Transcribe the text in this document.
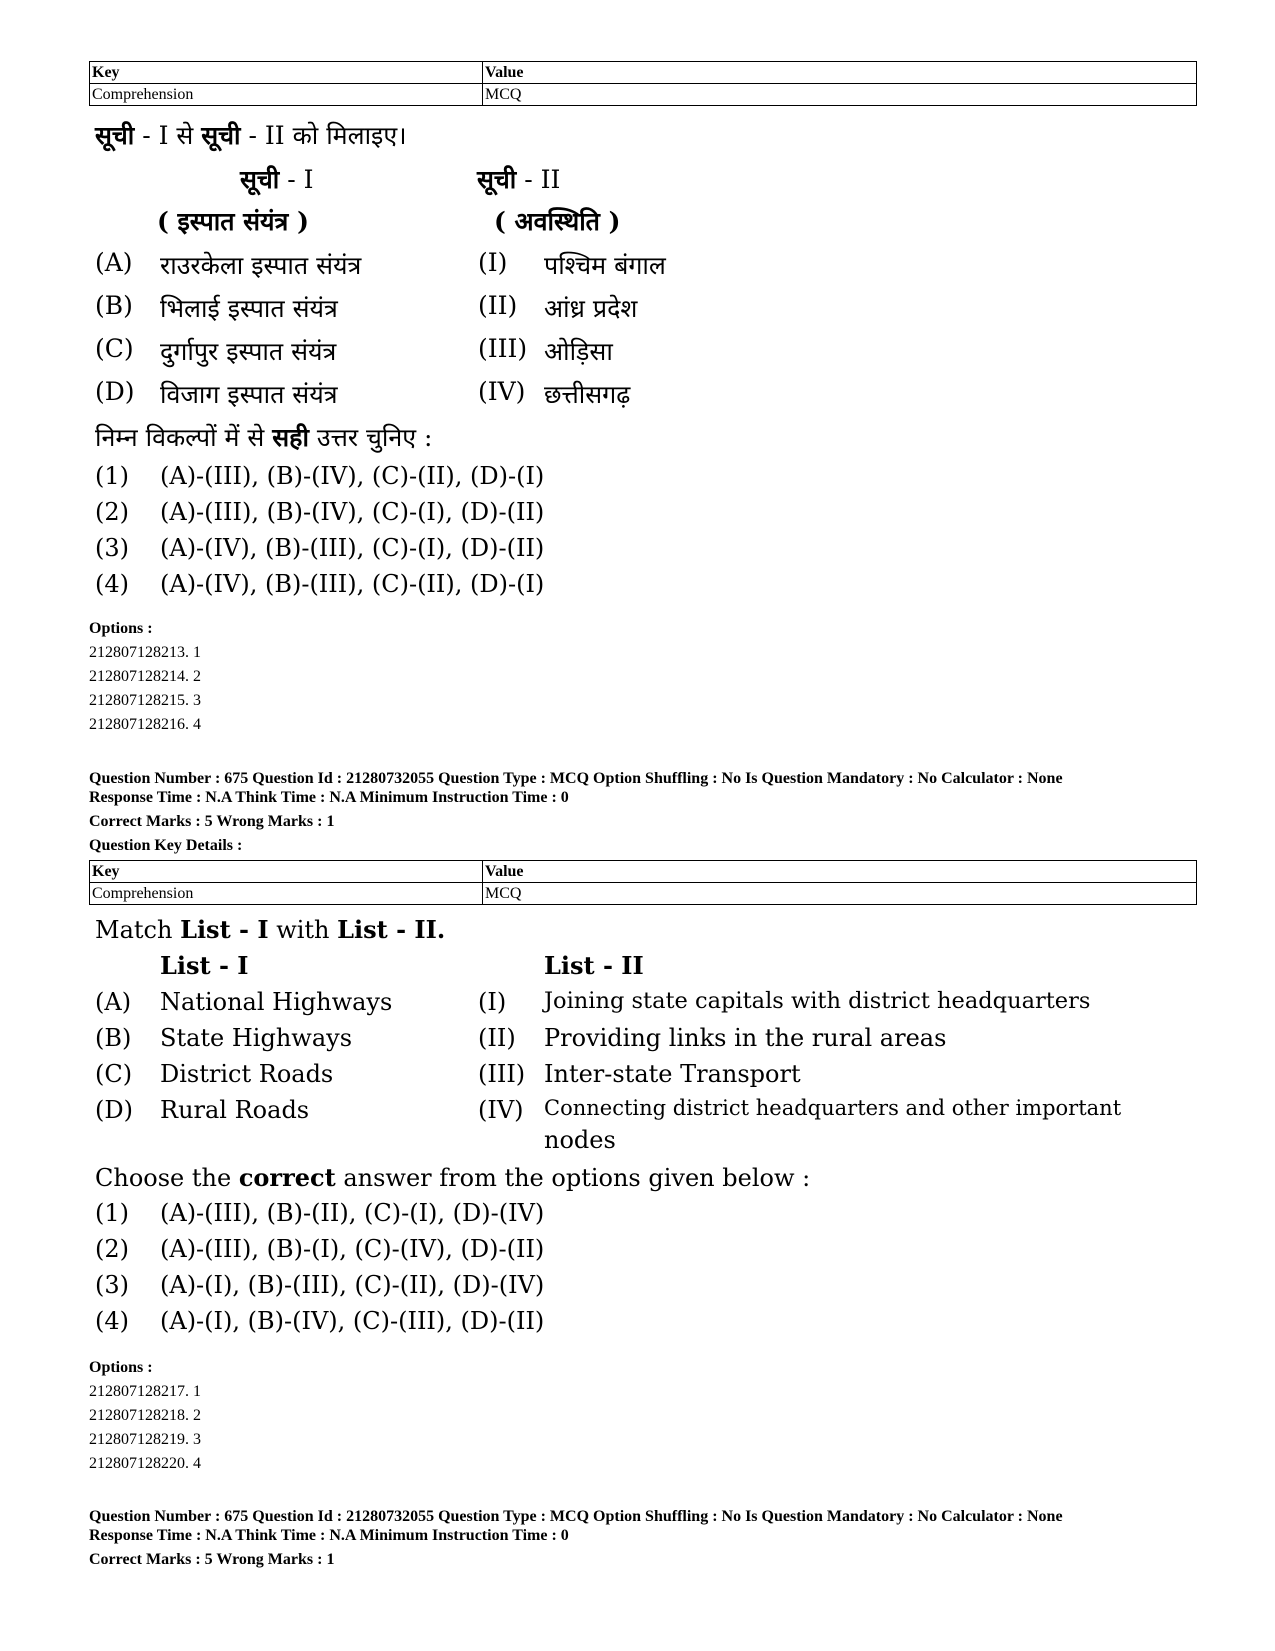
Key	Value
Comprehension	MCQ
सूची - I से सूची - II को मिलाइए।
सूची - I	सूची - II
( इस्पात संयंत्र )	( अवस्थिति )
(A) राउरकेला इस्पात संयंत्र	(I) पश्चिम बंगाल
(B) भिलाई इस्पात संयंत्र	(II) आंध्र प्रदेश
(C) दुर्गापुर इस्पात संयंत्र	(III) ओड़िसा
(D) विजाग इस्पात संयंत्र	(IV) छत्तीसगढ़
निम्न विकल्पों में से सही उत्तर चुनिए :
(1) (A)-(III), (B)-(IV), (C)-(II), (D)-(I)
(2) (A)-(III), (B)-(IV), (C)-(I), (D)-(II)
(3) (A)-(IV), (B)-(III), (C)-(I), (D)-(II)
(4) (A)-(IV), (B)-(III), (C)-(II), (D)-(I)
Options :
212807128213. 1
212807128214. 2
212807128215. 3
212807128216. 4
Question Number : 675 Question Id : 21280732055 Question Type : MCQ Option Shuffling : No Is Question Mandatory : No Calculator : None
Response Time : N.A Think Time : N.A Minimum Instruction Time : 0
Correct Marks : 5 Wrong Marks : 1
Question Key Details :
Key	Value
Comprehension	MCQ
Match List - I with List - II.
List - I	List - II
(A) National Highways	(I) Joining state capitals with district headquarters
(B) State Highways	(II) Providing links in the rural areas
(C) District Roads	(III) Inter-state Transport
(D) Rural Roads	(IV) Connecting district headquarters and other important
nodes
Choose the correct answer from the options given below :
(1) (A)-(III), (B)-(II), (C)-(I), (D)-(IV)
(2) (A)-(III), (B)-(I), (C)-(IV), (D)-(II)
(3) (A)-(I), (B)-(III), (C)-(II), (D)-(IV)
(4) (A)-(I), (B)-(IV), (C)-(III), (D)-(II)
Options :
212807128217. 1
212807128218. 2
212807128219. 3
212807128220. 4
Question Number : 675 Question Id : 21280732055 Question Type : MCQ Option Shuffling : No Is Question Mandatory : No Calculator : None
Response Time : N.A Think Time : N.A Minimum Instruction Time : 0
Correct Marks : 5 Wrong Marks : 1
